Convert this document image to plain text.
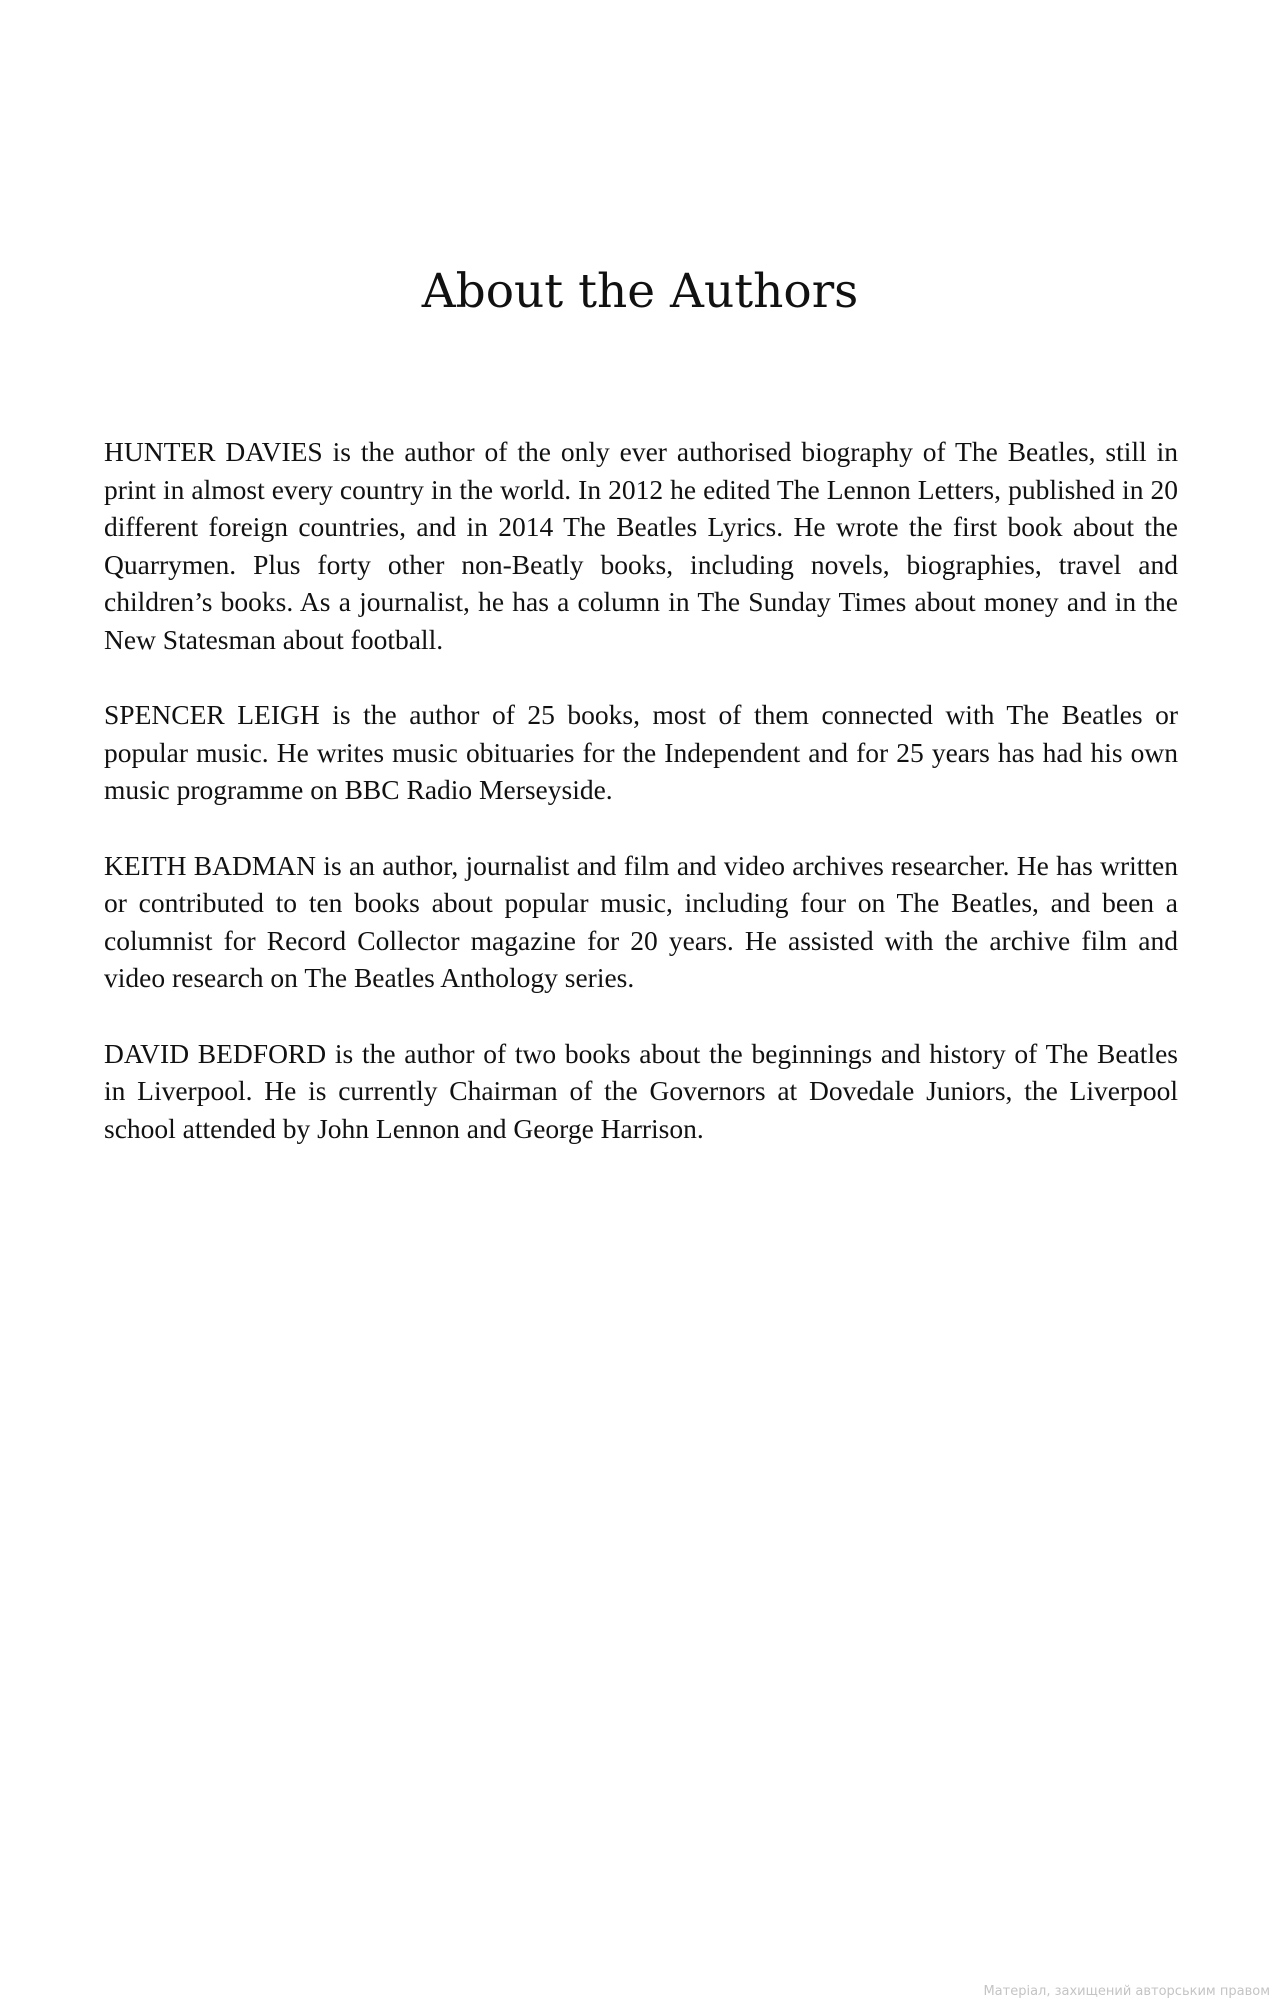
About the Authors

HUNTER DAVIES is the author of the only ever authorised biography of The Beatles, still in print in almost every country in the world. In 2012 he edited The Lennon Letters, published in 20 different foreign countries, and in 2014 The Beatles Lyrics. He wrote the first book about the Quarrymen. Plus forty other non-Beatly books, including novels, biographies, travel and children’s books. As a journalist, he has a column in The Sunday Times about money and in the New Statesman about football.

SPENCER LEIGH is the author of 25 books, most of them connected with The Beatles or popular music. He writes music obituaries for the Independent and for 25 years has had his own music programme on BBC Radio Merseyside.

KEITH BADMAN is an author, journalist and film and video archives researcher. He has written or contributed to ten books about popular music, including four on The Beatles, and been a columnist for Record Collector magazine for 20 years. He assisted with the archive film and video research on The Beatles Anthology series.

DAVID BEDFORD is the author of two books about the beginnings and history of The Beatles in Liverpool. He is currently Chairman of the Governors at Dovedale Juniors, the Liverpool school attended by John Lennon and George Harrison.

Матеріал, захищений авторським правом
